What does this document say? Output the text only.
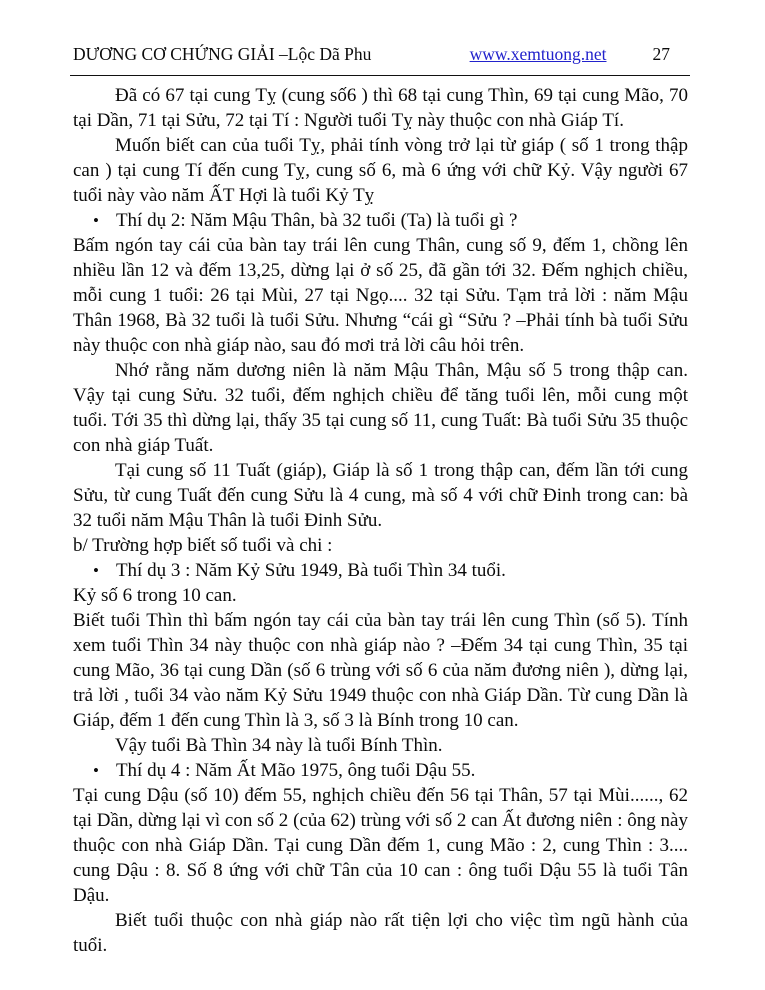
DƯƠNG CƠ CHỨNG GIẢI –Lộc Dã Phu	www.xemtuong.net	27

Đã có 67 tại cung Tỵ (cung số6 ) thì 68 tại cung Thìn, 69 tại cung Mão, 70 tại Dần, 71 tại Sửu, 72 tại Tí : Người tuổi Tỵ này thuộc con nhà Giáp Tí.

Muốn biết can của tuổi Tỵ, phải tính vòng trở lại từ giáp ( số 1 trong thập can ) tại cung Tí đến cung Tỵ, cung số 6, mà 6 ứng với chữ Kỷ. Vậy người 67 tuổi này vào năm ẤT Hợi là tuổi Kỷ Tỵ

• Thí dụ 2: Năm Mậu Thân, bà 32 tuổi (Ta) là tuổi gì ?

Bấm ngón tay cái của bàn tay trái lên cung Thân, cung số 9, đếm 1, chồng lên nhiều lần 12 và đếm 13,25, dừng lại ở số 25, đã gần tới 32. Đếm nghịch chiều, mỗi cung 1 tuổi: 26 tại Mùi, 27 tại Ngọ.... 32 tại Sửu. Tạm trả lời : năm Mậu Thân 1968, Bà 32 tuổi là tuổi Sửu. Nhưng “cái gì “Sửu ? –Phải tính bà tuổi Sửu này thuộc con nhà giáp nào, sau đó mơi trả lời câu hỏi trên.

Nhớ rằng năm dương niên là năm Mậu Thân, Mậu số 5 trong thập can. Vậy tại cung Sửu. 32 tuổi, đếm nghịch chiều để tăng tuổi lên, mỗi cung một tuổi. Tới 35 thì dừng lại, thấy 35 tại cung số 11, cung Tuất: Bà tuổi Sửu 35 thuộc con nhà giáp Tuất.

Tại cung số 11 Tuất (giáp), Giáp là số 1 trong thập can, đếm lần tới cung Sửu, từ cung Tuất đến cung Sửu là 4 cung, mà số 4 với chữ Đinh trong can: bà 32 tuổi năm Mậu Thân là tuổi Đinh Sửu.

b/ Trường hợp biết số tuổi và chi :

• Thí dụ 3 : Năm Kỷ Sửu 1949, Bà tuổi Thìn 34 tuổi.

Kỷ số 6 trong 10 can.

Biết tuổi Thìn thì bấm ngón tay cái của bàn tay trái lên cung Thìn (số 5). Tính xem tuổi Thìn 34 này thuộc con nhà giáp nào ? –Đếm 34 tại cung Thìn, 35 tại cung Mão, 36 tại cung Dần (số 6 trùng với số 6 của năm đương niên ), dừng lại, trả lời , tuổi 34 vào năm Kỷ Sửu 1949 thuộc con nhà Giáp Dần. Từ cung Dần là Giáp, đếm 1 đến cung Thìn là 3, số 3 là Bính trong 10 can.

Vậy tuổi Bà Thìn 34 này là tuổi Bính Thìn.

• Thí dụ 4 : Năm Ất Mão 1975, ông tuổi Dậu 55.

Tại cung Dậu (số 10) đếm 55, nghịch chiều đến 56 tại Thân, 57 tại Mùi......, 62 tại Dần, dừng lại vì con số 2 (của 62) trùng với số 2 can Ất đương niên : ông này thuộc con nhà Giáp Dần. Tại cung Dần đếm 1, cung Mão : 2, cung Thìn : 3.... cung Dậu : 8. Số 8 ứng với chữ Tân của 10 can : ông tuổi Dậu 55 là tuổi Tân Dậu.

Biết tuổi thuộc con nhà giáp nào rất tiện lợi cho việc tìm ngũ hành của tuổi.
